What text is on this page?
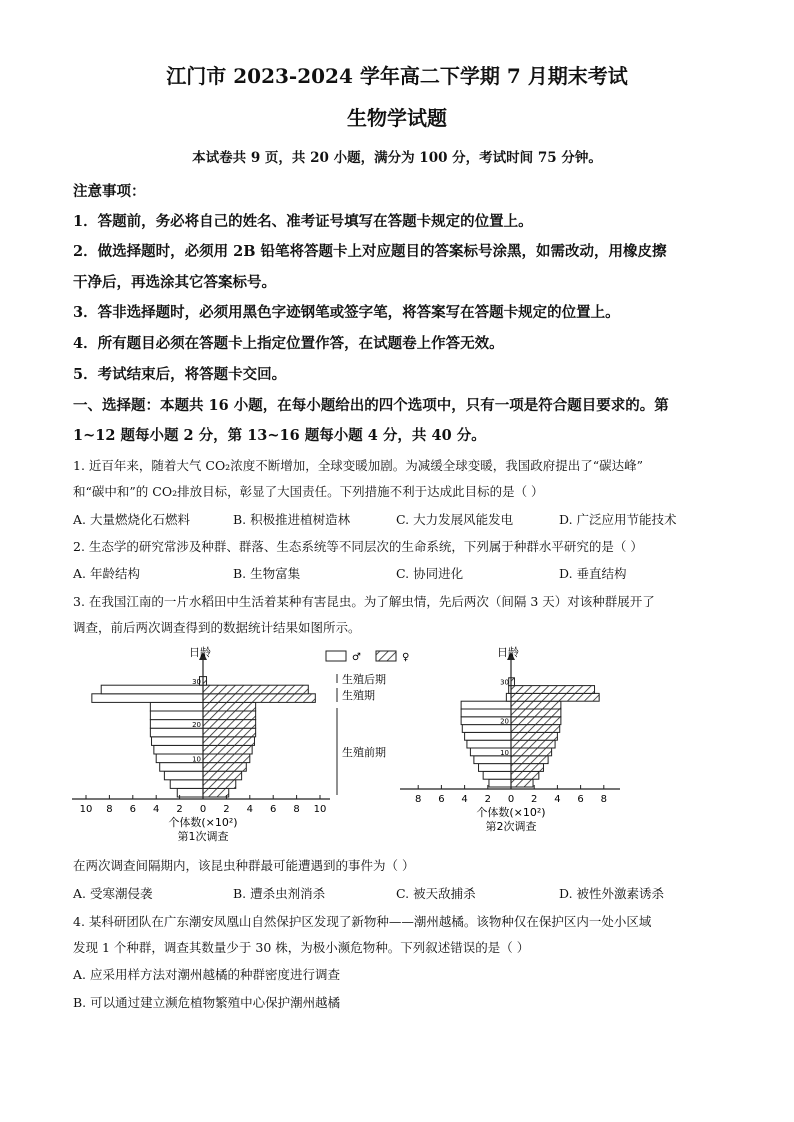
江门市 2023-2024 学年高二下学期 7 月期末考试
生物学试题
本试卷共 9 页，共 20 小题，满分为 100 分，考试时间 75 分钟。
注意事项：
1．答题前，务必将自己的姓名、准考证号填写在答题卡规定的位置上。
2．做选择题时，必须用 2B 铅笔将答题卡上对应题目的答案标号涂黑，如需改动，用橡皮擦
干净后，再选涂其它答案标号。
3．答非选择题时，必须用黑色字迹钢笔或签字笔，将答案写在答题卡规定的位置上。
4．所有题目必须在答题卡上指定位置作答，在试题卷上作答无效。
5．考试结束后，将答题卡交回。
一、选择题：本题共 16 小题，在每小题给出的四个选项中，只有一项是符合题目要求的。第
1~12 题每小题 2 分，第 13~16 题每小题 4 分，共 40 分。
1. 近百年来，随着大气 CO₂浓度不断增加，全球变暖加剧。为减缓全球变暖，我国政府提出了“碳达峰”
和“碳中和”的 CO₂排放目标，彰显了大国责任。下列措施不利于达成此目标的是（ ）
A. 大量燃烧化石燃料	B. 积极推进植树造林	C. 大力发展风能发电	D. 广泛应用节能技术
2. 生态学的研究常涉及种群、群落、生态系统等不同层次的生命系统，下列属于种群水平研究的是（ ）
A. 年龄结构	B. 生物富集	C. 协同进化	D. 垂直结构
3. 在我国江南的一片水稻田中生活着某种有害昆虫。为了解虫情，先后两次（间隔 3 天）对该种群展开了
调查，前后两次调查得到的数据统计结果如图所示。
10 8 6 4 2 0 2 4 6 8 10
日龄
30
20
10
个体数(×10²)
第1次调查
8 6 4 2 0 2 4 6 8
日龄
30
20
10
个体数(×10²)
第2次调查
♂	♀
生殖后期
生殖期
生殖前期
在两次调查间隔期内，该昆虫种群最可能遭遇到的事件为（ ）
A. 受寒潮侵袭	B. 遭杀虫剂消杀	C. 被天敌捕杀	D. 被性外激素诱杀
4. 某科研团队在广东潮安凤凰山自然保护区发现了新物种——潮州越橘。该物种仅在保护区内一处小区域
发现 1 个种群，调查其数量少于 30 株，为极小濒危物种。下列叙述错误的是（ ）
A. 应采用样方法对潮州越橘的种群密度进行调查
B. 可以通过建立濒危植物繁殖中心保护潮州越橘
